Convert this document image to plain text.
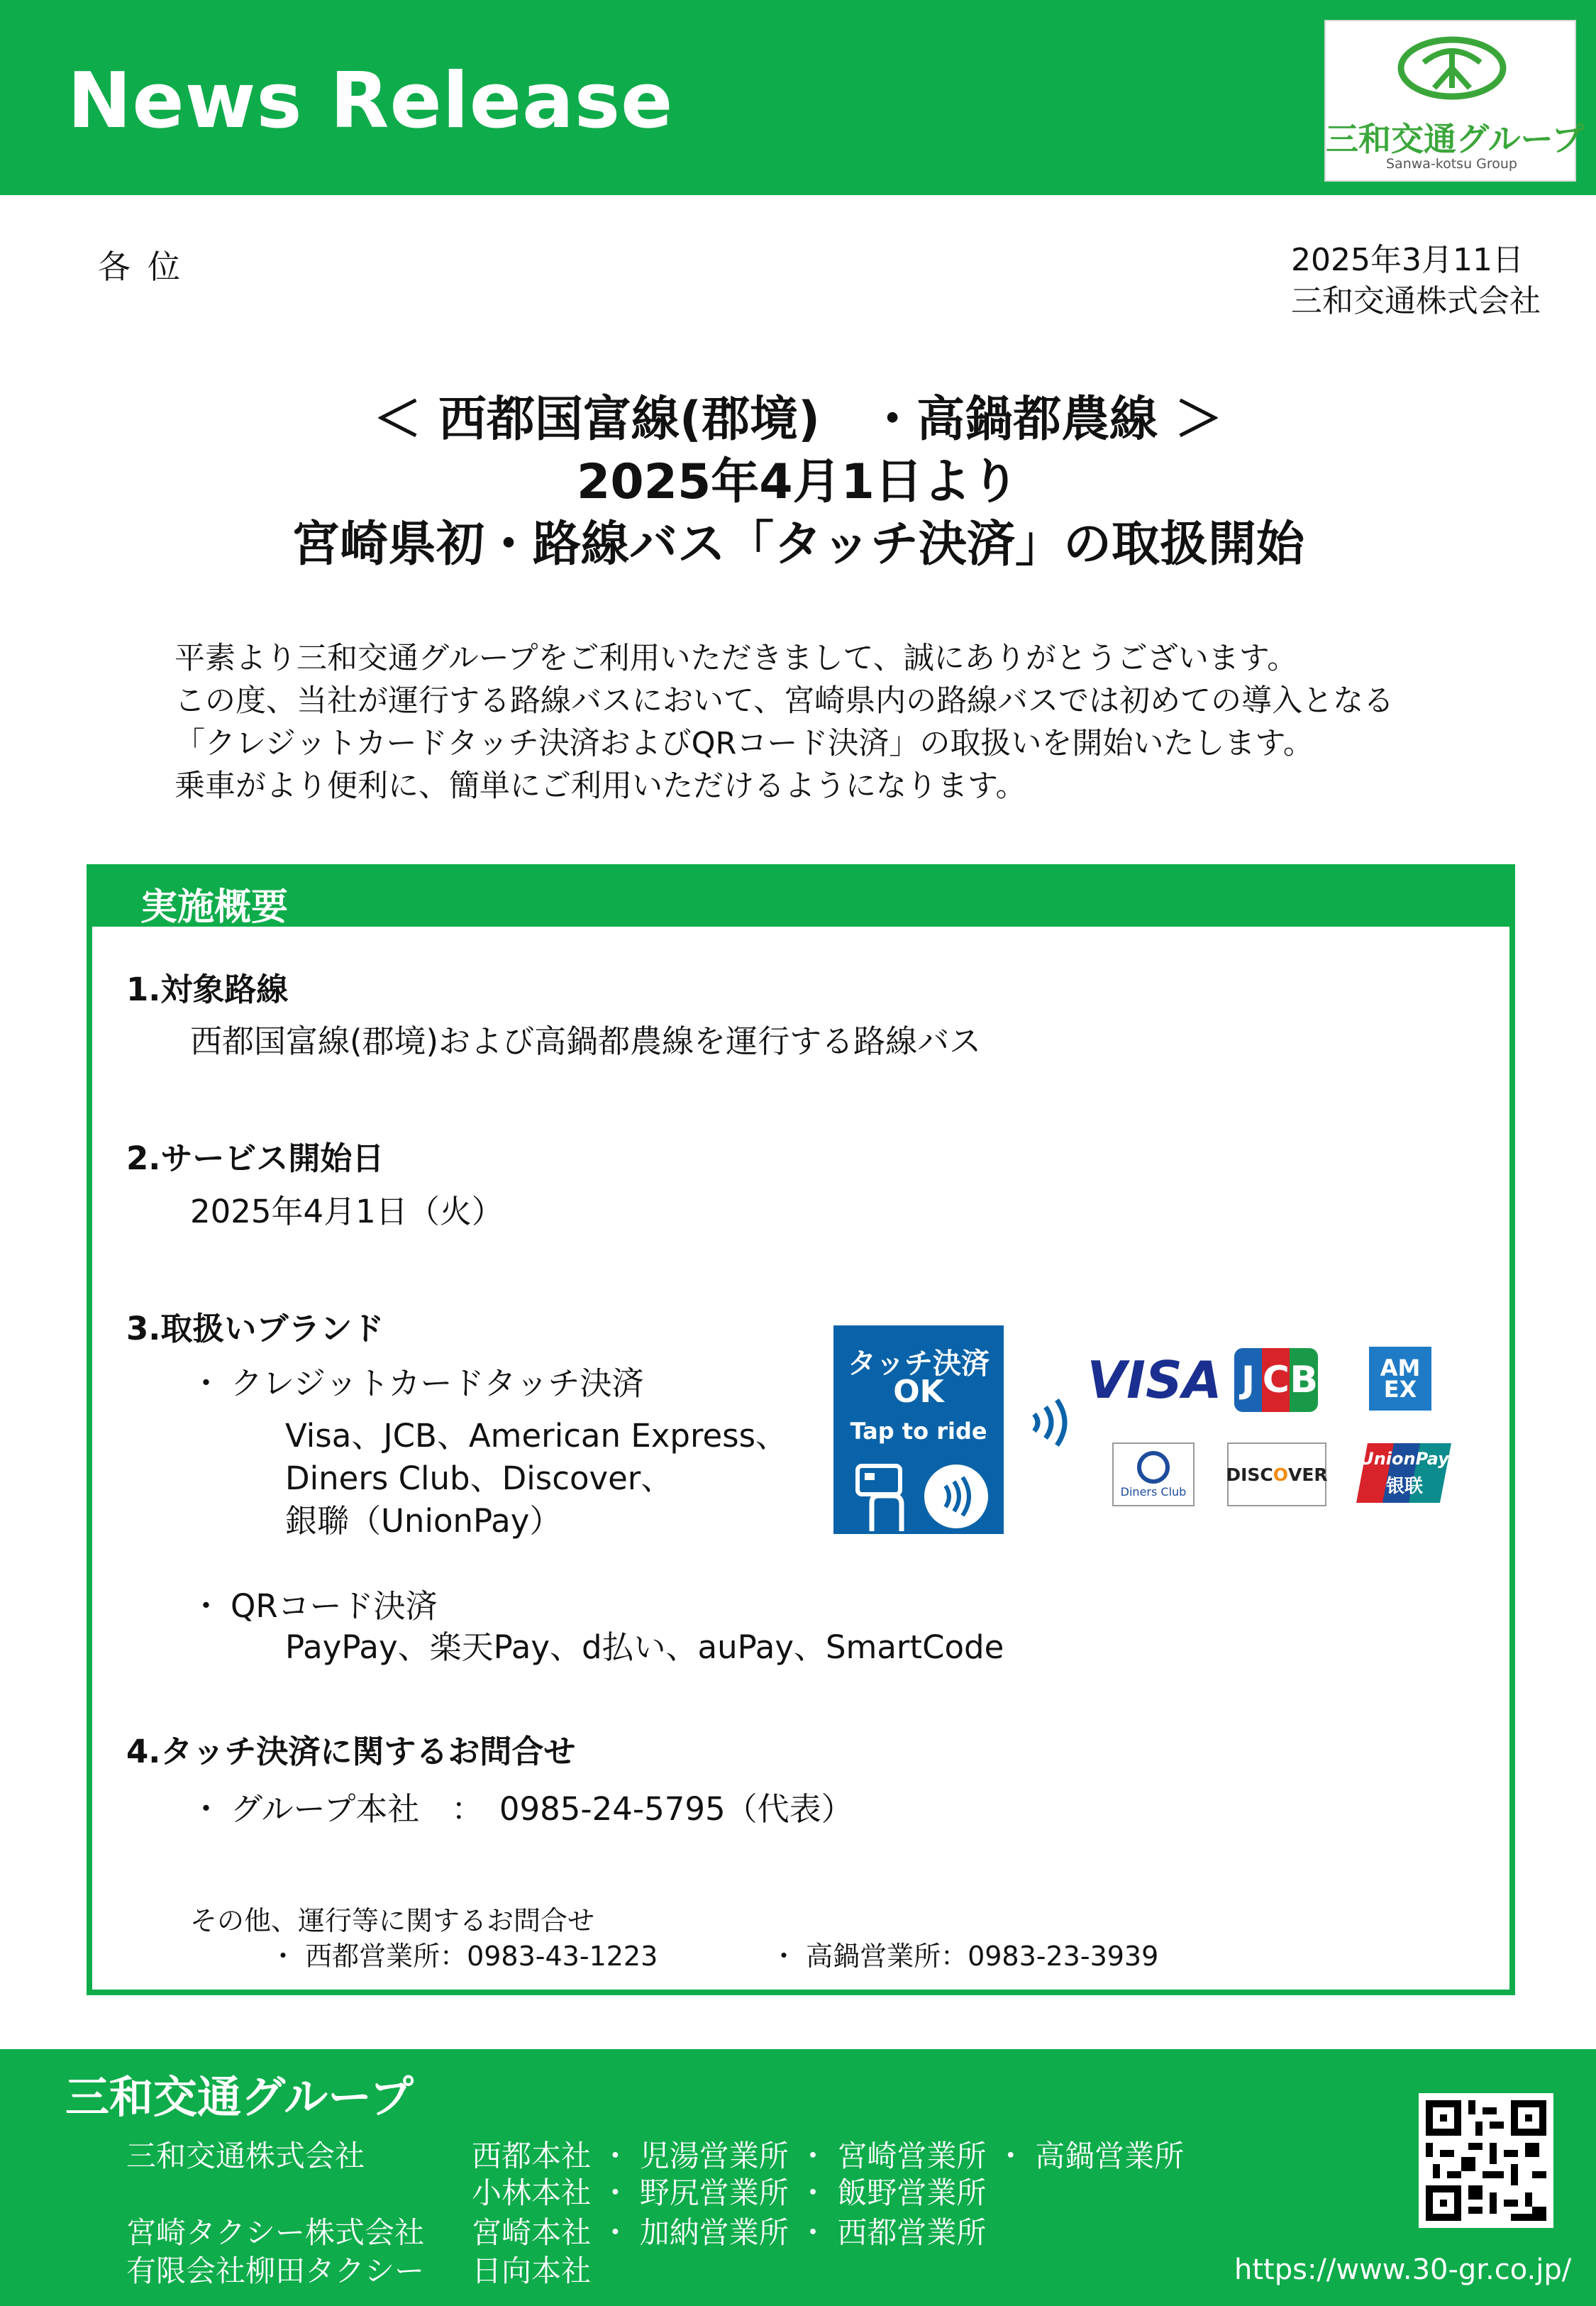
News Release	三和交通グループ
Sanwa-kotsu Group
各位	2025年3月11日
三和交通株式会社
＜ 西都国富線(郡境)　・高鍋都農線 ＞
2025年4月1日より
宮崎県初・路線バス「タッチ決済」の取扱開始
平素より三和交通グループをご利用いただきまして、誠にありがとうございます。
この度、当社が運行する路線バスにおいて、宮崎県内の路線バスでは初めての導入となる
「クレジットカードタッチ決済およびQRコード決済」の取扱いを開始いたします。
乗車がより便利に、簡単にご利用いただけるようになります。
実施概要
1.対象路線
西都国富線(郡境)および高鍋都農線を運行する路線バス
2.サービス開始日
2025年4月1日（火）
3.取扱いブランド
・ クレジットカードタッチ決済
Visa、JCB、American Express、
Diners Club、Discover、
銀聯（UnionPay）
・ QRコード決済
PayPay、楽天Pay、d払い、auPay、SmartCode
タッチ決済
OK
Tap to ride
VISA J C B	AM
EX
Diners Club
DISC O VER
UnionPay
银联
4.タッチ決済に関するお問合せ
・ グループ本社　：　0985-24-5795（代表）
その他、運行等に関するお問合せ
・ 西都営業所：0983-43-1223	・ 高鍋営業所：0983-23-3939
三和交通グループ
三和交通株式会社	西都本社 ・ 児湯営業所 ・ 宮崎営業所 ・ 高鍋営業所
小林本社 ・ 野尻営業所 ・ 飯野営業所
宮崎タクシー株式会社 宮崎本社 ・ 加納営業所 ・ 西都営業所
有限会社柳田タクシー 日向本社	https://www.30-gr.co.jp/
